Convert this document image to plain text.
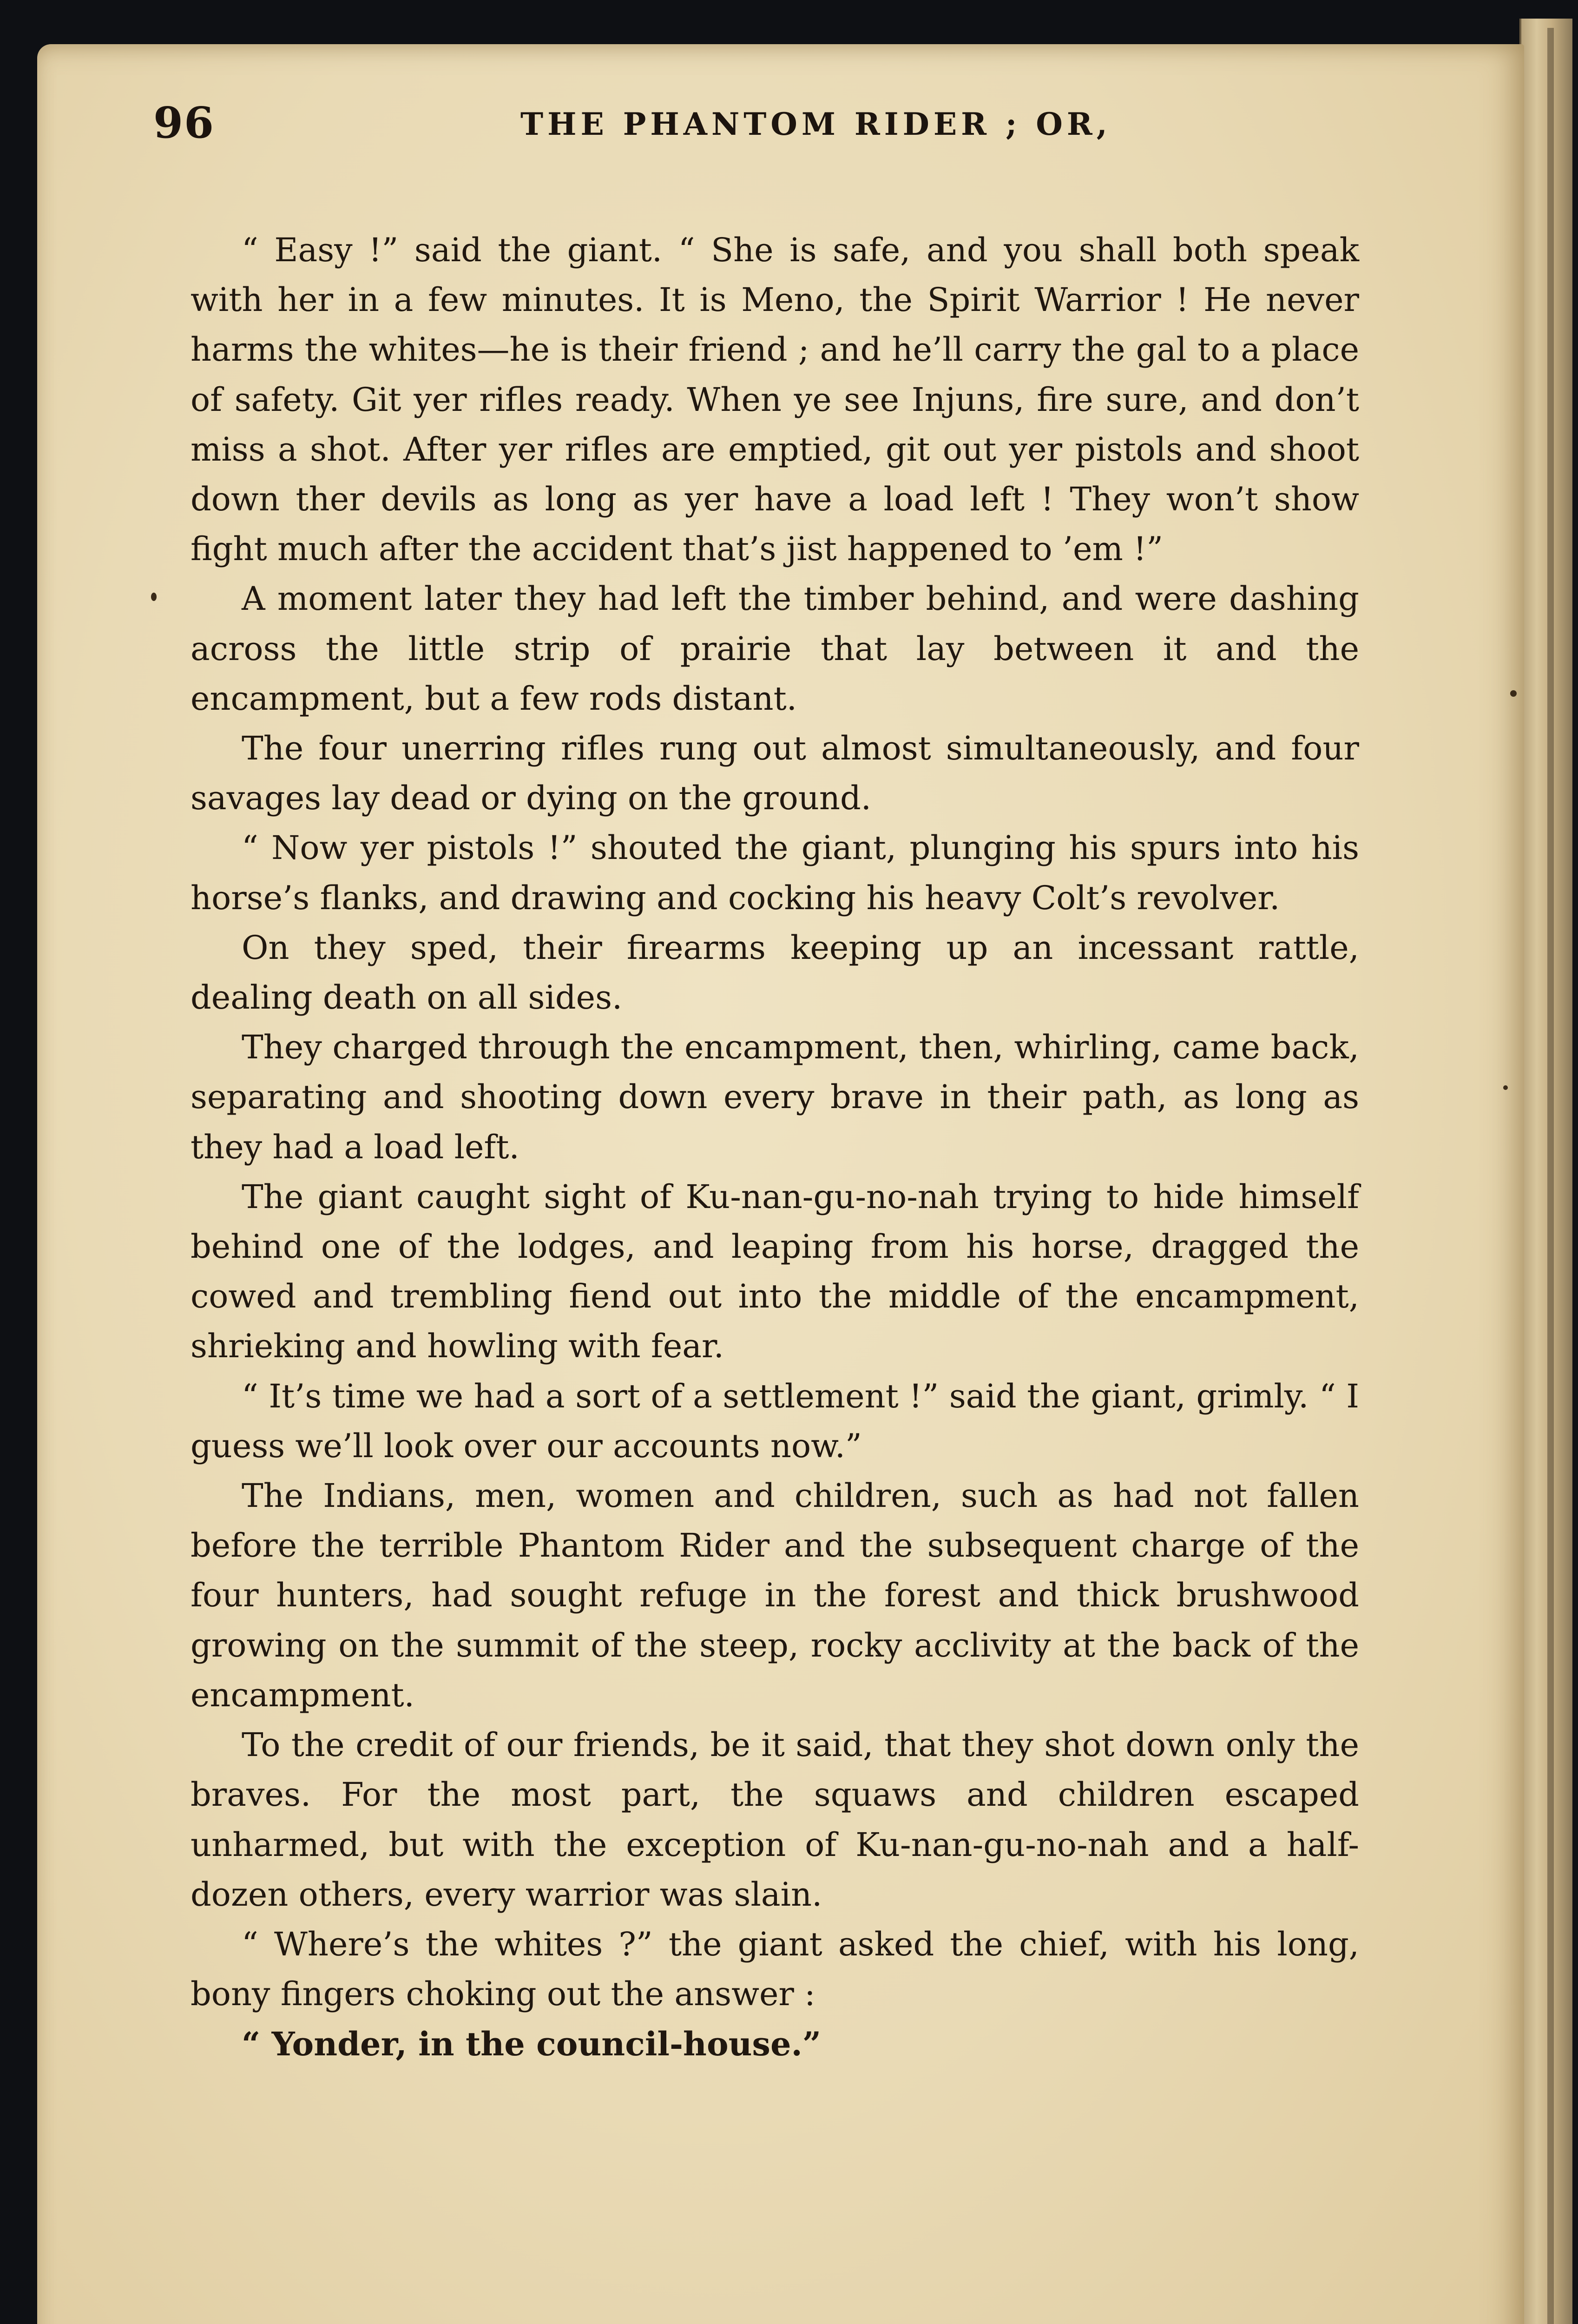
96	THE PHANTOM RIDER ; OR,

“ Easy !” said the giant. “ She is safe, and you shall both speak with her in a few minutes. It is Meno, the Spirit Warrior ! He never harms the whites—he is their friend ; and he’ll carry the gal to a place of safety. Git yer rifles ready. When ye see Injuns, fire sure, and don’t miss a shot. After yer rifles are emptied, git out yer pistols and shoot down ther devils as long as yer have a load left ! They won’t show fight much after the accident that’s jist happened to ’em !”

A moment later they had left the timber behind, and were dashing across the little strip of prairie that lay between it and the encampment, but a few rods distant.

The four unerring rifles rung out almost simultaneously, and four savages lay dead or dying on the ground.

“ Now yer pistols !” shouted the giant, plunging his spurs into his horse’s flanks, and drawing and cocking his heavy Colt’s revolver.

On they sped, their firearms keeping up an incessant rattle, dealing death on all sides.

They charged through the encampment, then, whirling, came back, separating and shooting down every brave in their path, as long as they had a load left.

The giant caught sight of Ku-nan-gu-no-nah trying to hide himself behind one of the lodges, and leaping from his horse, dragged the cowed and trembling fiend out into the middle of the encampment, shrieking and howling with fear.

“ It’s time we had a sort of a settlement !” said the giant, grimly. “ I guess we’ll look over our accounts now.”

The Indians, men, women and children, such as had not fallen before the terrible Phantom Rider and the subsequent charge of the four hunters, had sought refuge in the forest and thick brushwood growing on the summit of the steep, rocky acclivity at the back of the encampment.

To the credit of our friends, be it said, that they shot down only the braves. For the most part, the squaws and children escaped unharmed, but with the exception of Ku-nan-gu-no-nah and a half-dozen others, every warrior was slain.

“ Where’s the whites ?” the giant asked the chief, with his long, bony fingers choking out the answer :

“ Yonder, in the council-house.”
